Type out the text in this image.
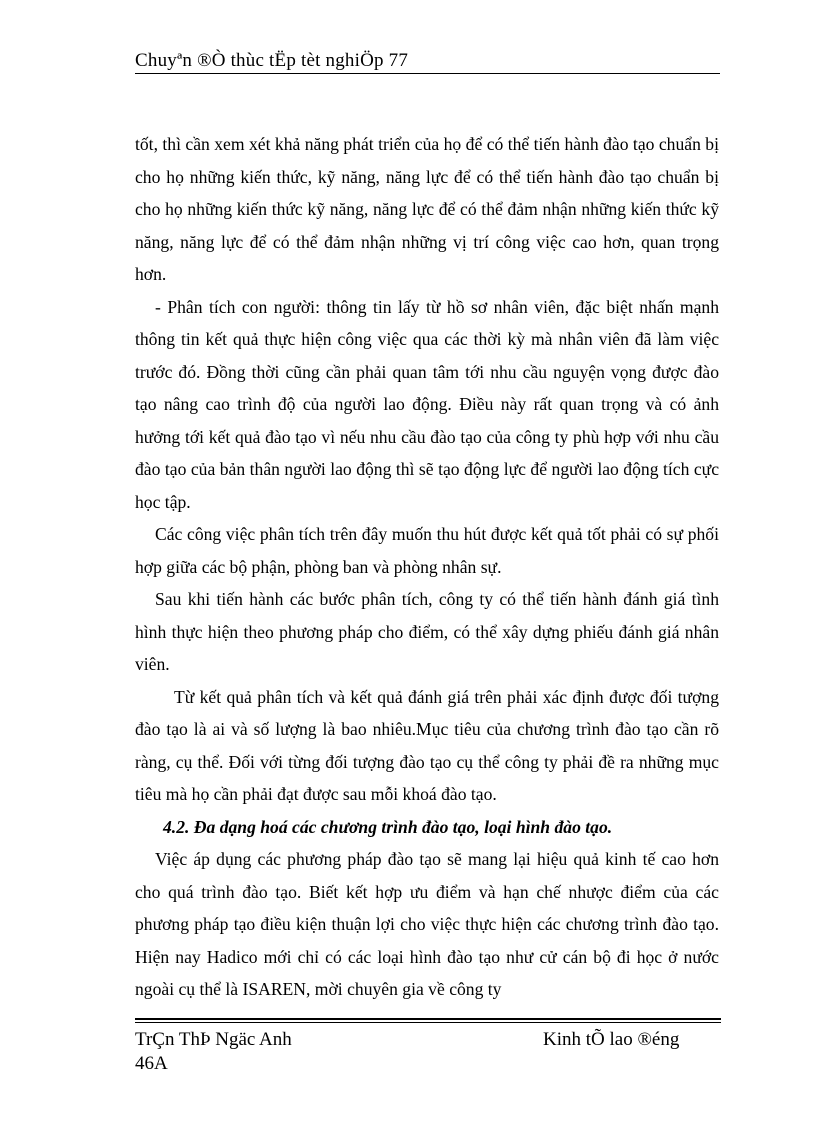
Chuyªn ®Ò thùc tËp tèt nghiÖp 77

tốt, thì cần xem xét khả năng phát triển của họ để có thể tiến hành đào tạo chuẩn bị cho họ những kiến thức, kỹ năng, năng lực để có thể tiến hành đào tạo chuẩn bị cho họ những kiến thức kỹ năng, năng lực để có thể đảm nhận những kiến thức kỹ năng, năng lực để có thể đảm nhận những vị trí công việc cao hơn, quan trọng hơn.

- Phân tích con người: thông tin lấy từ hồ sơ nhân viên, đặc biệt nhấn mạnh thông tin kết quả thực hiện công việc qua các thời kỳ mà nhân viên đã làm việc trước đó. Đồng thời cũng cần phải quan tâm tới nhu cầu nguyện vọng được đào tạo nâng cao trình độ của người lao động. Điều này rất quan trọng và có ảnh hưởng tới kết quả đào tạo vì nếu nhu cầu đào tạo của công ty phù hợp với nhu cầu đào tạo của bản thân người lao động thì sẽ tạo động lực để người lao động tích cực học tập.

Các công việc phân tích trên đây muốn thu hút được kết quả tốt phải có sự phối hợp giữa các bộ phận, phòng ban và phòng nhân sự.

Sau khi tiến hành các bước phân tích, công ty có thể tiến hành đánh giá tình hình thực hiện theo phương pháp cho điểm, có thể xây dựng phiếu đánh giá nhân viên.

Từ kết quả phân tích và kết quả đánh giá trên phải xác định được đối tượng đào tạo là ai và số lượng là bao nhiêu.Mục tiêu của chương trình đào tạo cần rõ ràng, cụ thể. Đối với từng đối tượng đào tạo cụ thể công ty phải đề ra những mục tiêu mà họ cần phải đạt được sau mỗi khoá đào tạo.

4.2. Đa dạng hoá các chương trình đào tạo, loại hình đào tạo.

Việc áp dụng các phương pháp đào tạo sẽ mang lại hiệu quả kinh tế cao hơn cho quá trình đào tạo. Biết kết hợp ưu điểm và hạn chế nhược điểm của các phương pháp tạo điều kiện thuận lợi cho việc thực hiện các chương trình đào tạo. Hiện nay Hadico mới chỉ có các loại hình đào tạo như cử cán bộ đi học ở nước ngoài cụ thể là ISAREN, mời chuyên gia về công ty

TrÇn ThÞ Ngäc Anh	Kinh tÕ lao ®éng
46A
